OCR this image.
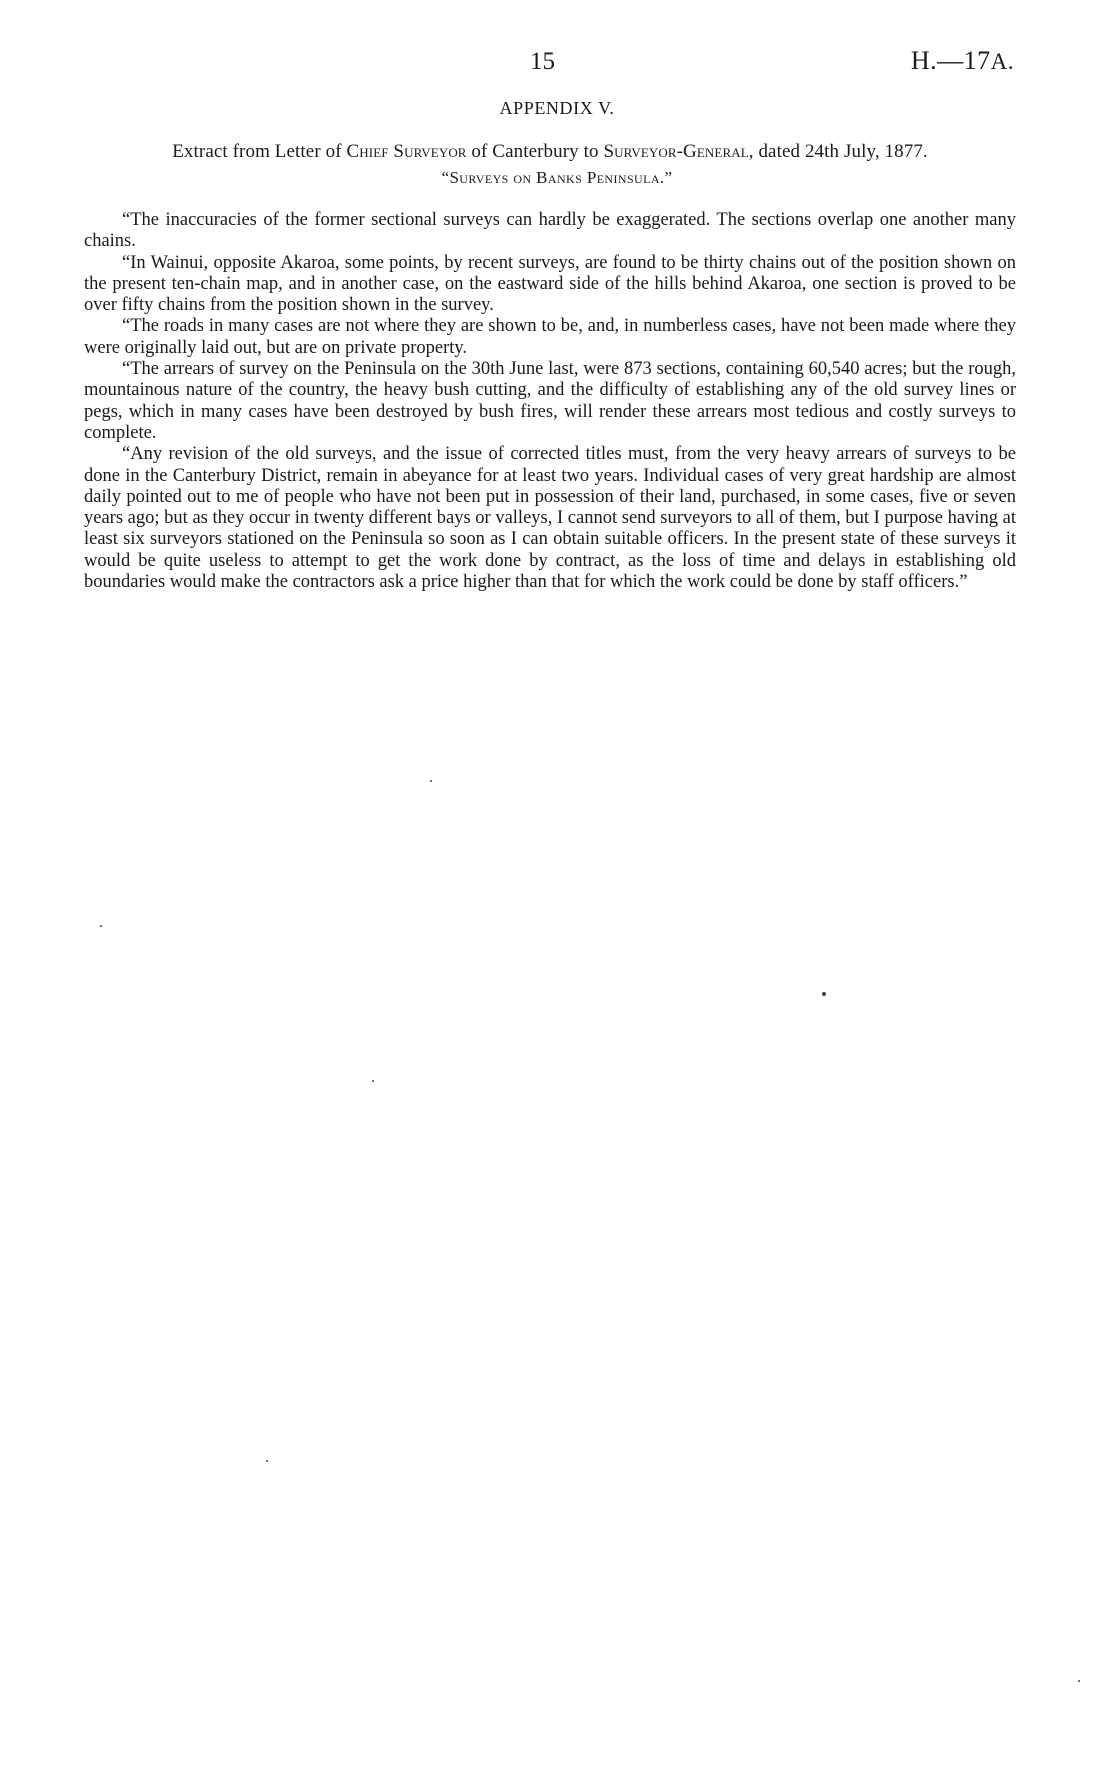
15	H.—17A.
APPENDIX V.
Extract from Letter of Chief Surveyor of Canterbury to Surveyor-General, dated 24th July, 1877.
“Surveys on Banks Peninsula.”

“The inaccuracies of the former sectional surveys can hardly be exaggerated. The sections overlap one another many chains.

“In Wainui, opposite Akaroa, some points, by recent surveys, are found to be thirty chains out of the position shown on the present ten-chain map, and in another case, on the eastward side of the hills behind Akaroa, one section is proved to be over fifty chains from the position shown in the survey.

“The roads in many cases are not where they are shown to be, and, in numberless cases, have not been made where they were originally laid out, but are on private property.

“The arrears of survey on the Peninsula on the 30th June last, were 873 sections, containing 60,540 acres; but the rough, mountainous nature of the country, the heavy bush cutting, and the difficulty of establishing any of the old survey lines or pegs, which in many cases have been destroyed by bush fires, will render these arrears most tedious and costly surveys to complete.

“Any revision of the old surveys, and the issue of corrected titles must, from the very heavy arrears of surveys to be done in the Canterbury District, remain in abeyance for at least two years. Individual cases of very great hardship are almost daily pointed out to me of people who have not been put in possession of their land, purchased, in some cases, five or seven years ago; but as they occur in twenty different bays or valleys, I cannot send surveyors to all of them, but I purpose having at least six surveyors stationed on the Peninsula so soon as I can obtain suitable officers. In the present state of these surveys it would be quite useless to attempt to get the work done by contract, as the loss of time and delays in establishing old boundaries would make the contractors ask a price higher than that for which the work could be done by staff officers.”
